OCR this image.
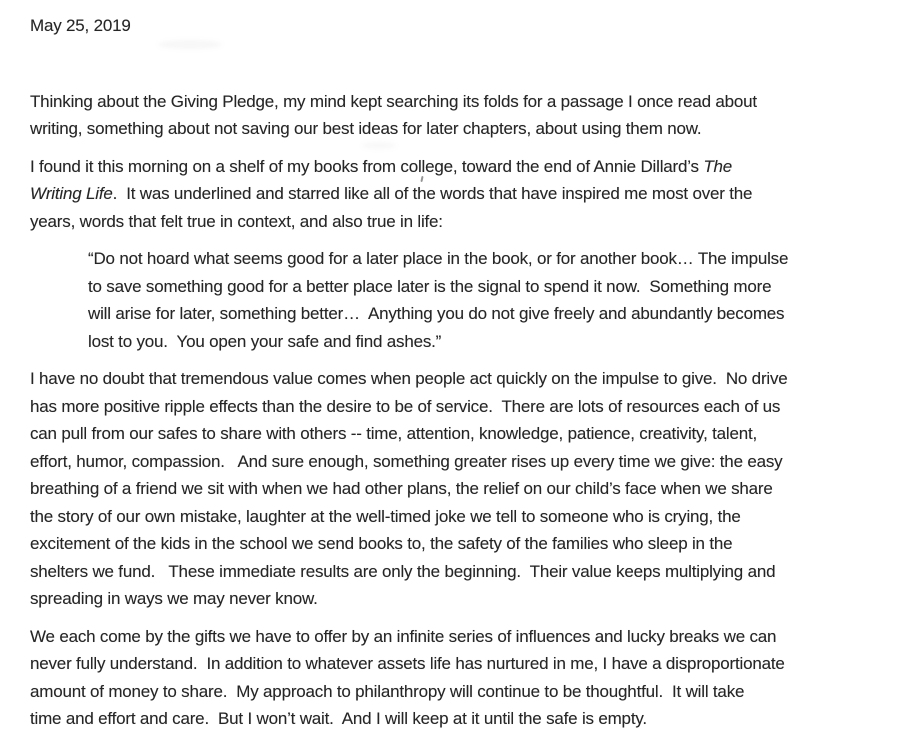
May 25, 2019

Thinking about the Giving Pledge, my mind kept searching its folds for a passage I once read about
writing, something about not saving our best ideas for later chapters, about using them now.

I found it this morning on a shelf of my books from college, toward the end of Annie Dillard’s The
Writing Life.  It was underlined and starred like all of the words that have inspired me most over the
years, words that felt true in context, and also true in life:

“Do not hoard what seems good for a later place in the book, or for another book… The impulse
to save something good for a better place later is the signal to spend it now.  Something more
will arise for later, something better…  Anything you do not give freely and abundantly becomes
lost to you.  You open your safe and find ashes.”

I have no doubt that tremendous value comes when people act quickly on the impulse to give.  No drive
has more positive ripple effects than the desire to be of service.  There are lots of resources each of us
can pull from our safes to share with others -- time, attention, knowledge, patience, creativity, talent,
effort, humor, compassion.   And sure enough, something greater rises up every time we give: the easy
breathing of a friend we sit with when we had other plans, the relief on our child’s face when we share
the story of our own mistake, laughter at the well-timed joke we tell to someone who is crying, the
excitement of the kids in the school we send books to, the safety of the families who sleep in the
shelters we fund.   These immediate results are only the beginning.  Their value keeps multiplying and
spreading in ways we may never know.

We each come by the gifts we have to offer by an infinite series of influences and lucky breaks we can
never fully understand.  In addition to whatever assets life has nurtured in me, I have a disproportionate
amount of money to share.  My approach to philanthropy will continue to be thoughtful.  It will take
time and effort and care.  But I won’t wait.  And I will keep at it until the safe is empty.
